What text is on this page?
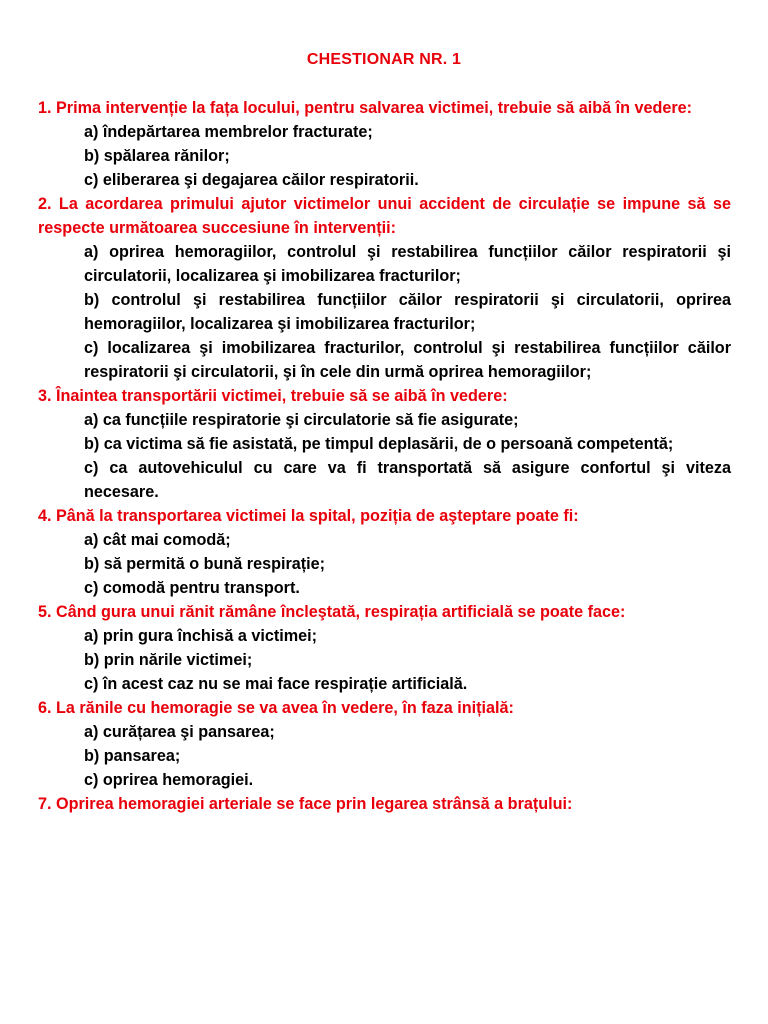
CHESTIONAR NR. 1
1. Prima intervenție la fața locului, pentru salvarea victimei, trebuie să aibă în vedere:
a) îndepărtarea membrelor fracturate;
b) spălarea rănilor;
c) eliberarea şi degajarea căilor respiratorii.
2. La acordarea primului ajutor victimelor unui accident de circulație se impune să se respecte următoarea succesiune în intervenții:
a) oprirea hemoragiilor, controlul şi restabilirea funcțiilor căilor respiratorii şi circulatorii, localizarea şi imobilizarea fracturilor;
b) controlul şi restabilirea funcțiilor căilor respiratorii şi circulatorii, oprirea hemoragiilor, localizarea şi imobilizarea fracturilor;
c) localizarea şi imobilizarea fracturilor, controlul şi restabilirea funcțiilor căilor respiratorii şi circulatorii, şi în cele din urmă oprirea hemoragiilor;
3. Înaintea transportării victimei, trebuie să se aibă în vedere:
a) ca funcțiile respiratorie şi circulatorie să fie asigurate;
b) ca victima să fie asistată, pe timpul deplasării, de o persoană competentă;
c) ca autovehiculul cu care va fi transportată să asigure confortul şi viteza necesare.
4. Până la transportarea victimei la spital, poziția de aşteptare poate fi:
a) cât mai comodă;
b) să permită o bună respirație;
c) comodă pentru transport.
5. Când gura unui rănit rămâne încleştată, respirația artificială se poate face:
a) prin gura închisă a victimei;
b) prin nările victimei;
c) în acest caz nu se mai face respirație artificială.
6. La rănile cu hemoragie se va avea în vedere, în faza inițială:
a) curățarea şi pansarea;
b) pansarea;
c) oprirea hemoragiei.
7. Oprirea hemoragiei arteriale se face prin legarea strânsă a brațului:
